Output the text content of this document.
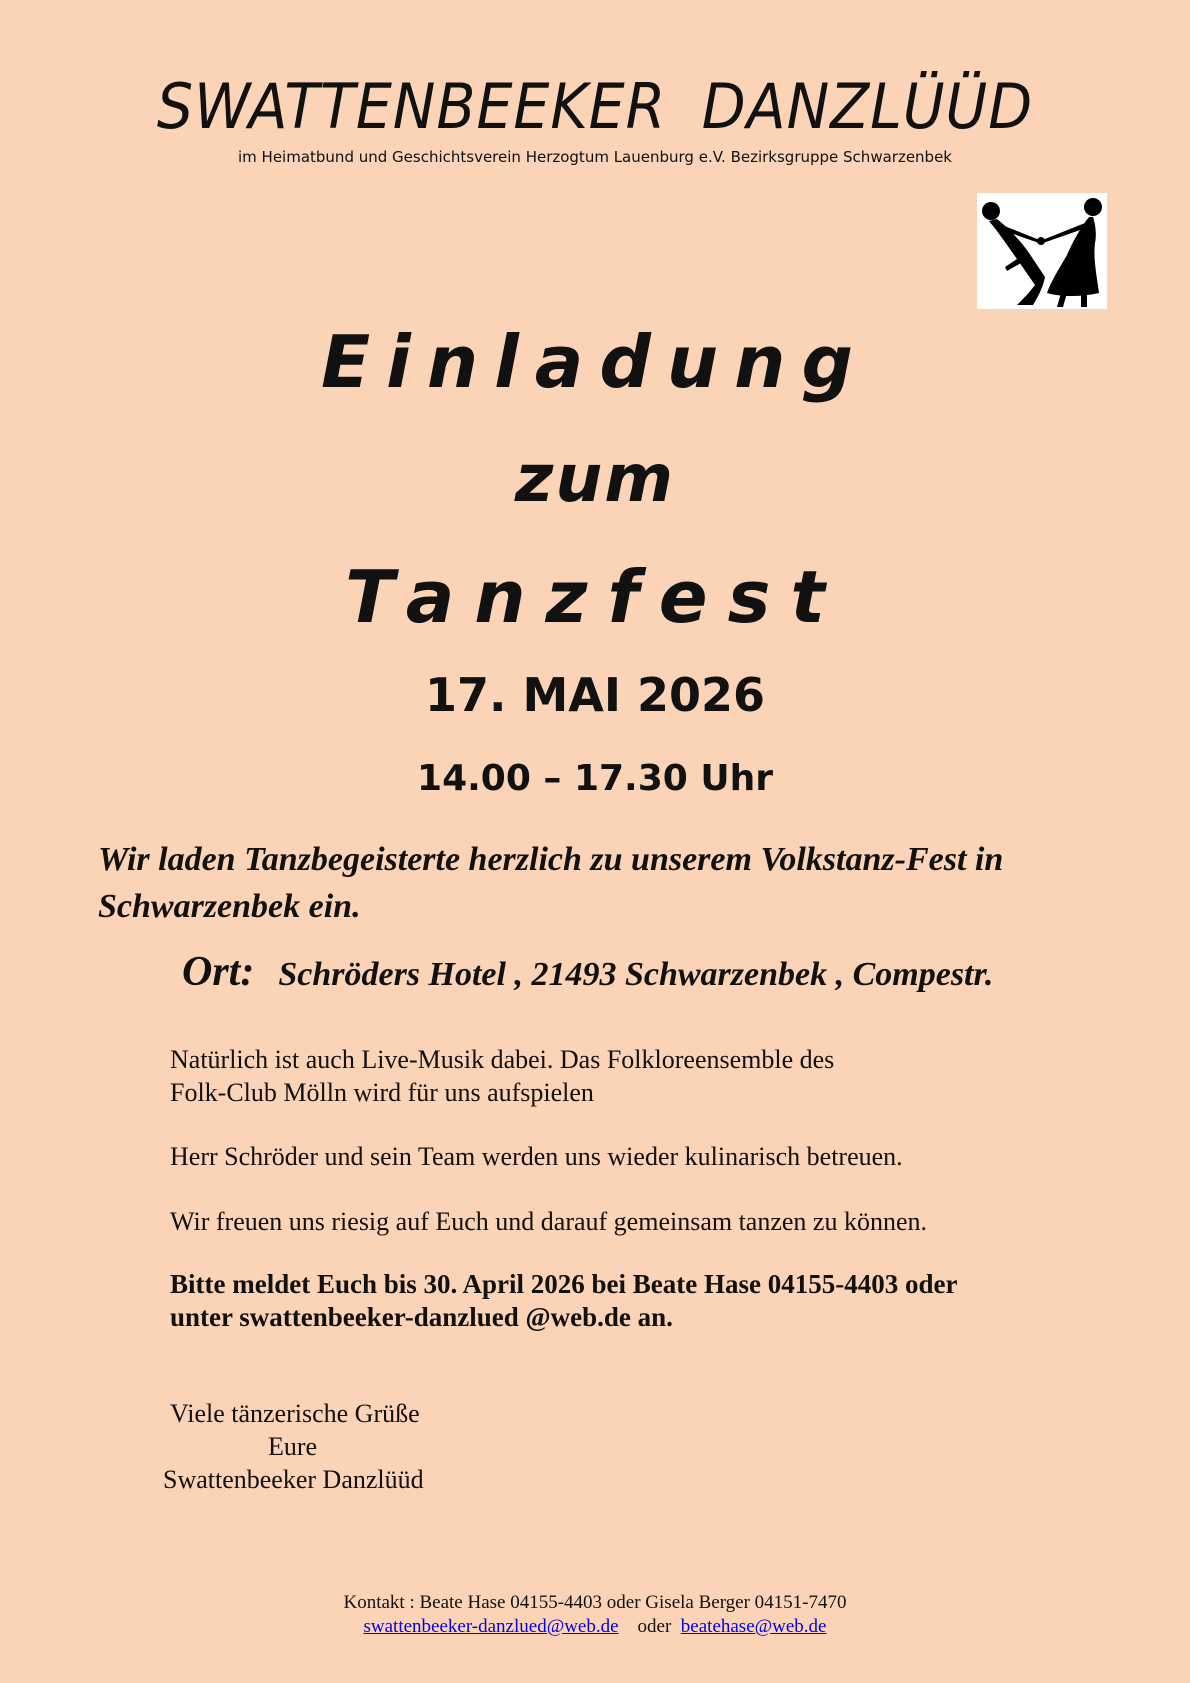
SWATTENBEEKER DANZLÜÜD
im Heimatbund und Geschichtsverein Herzogtum Lauenburg e.V. Bezirksgruppe Schwarzenbek
Einladung
zum
Tanzfest
17. MAI 2026
14.00 – 17.30 Uhr
Wir laden Tanzbegeisterte herzlich zu unserem Volkstanz-Fest in
Schwarzenbek ein.
Ort: Schröders Hotel , 21493 Schwarzenbek , Compestr.
Natürlich ist auch Live-Musik dabei. Das Folkloreensemble des
Folk-Club Mölln wird für uns aufspielen
Herr Schröder und sein Team werden uns wieder kulinarisch betreuen.
Wir freuen uns riesig auf Euch und darauf gemeinsam tanzen zu können.
Bitte meldet Euch bis 30. April 2026 bei Beate Hase 04155-4403 oder
unter swattenbeeker-danzlued @web.de an.
Viele tänzerische Grüße
Eure
Swattenbeeker Danzlüüd
Kontakt : Beate Hase 04155-4403 oder Gisela Berger 04151-7470
swattenbeeker-danzlued@web.de oder beatehase@web.de
